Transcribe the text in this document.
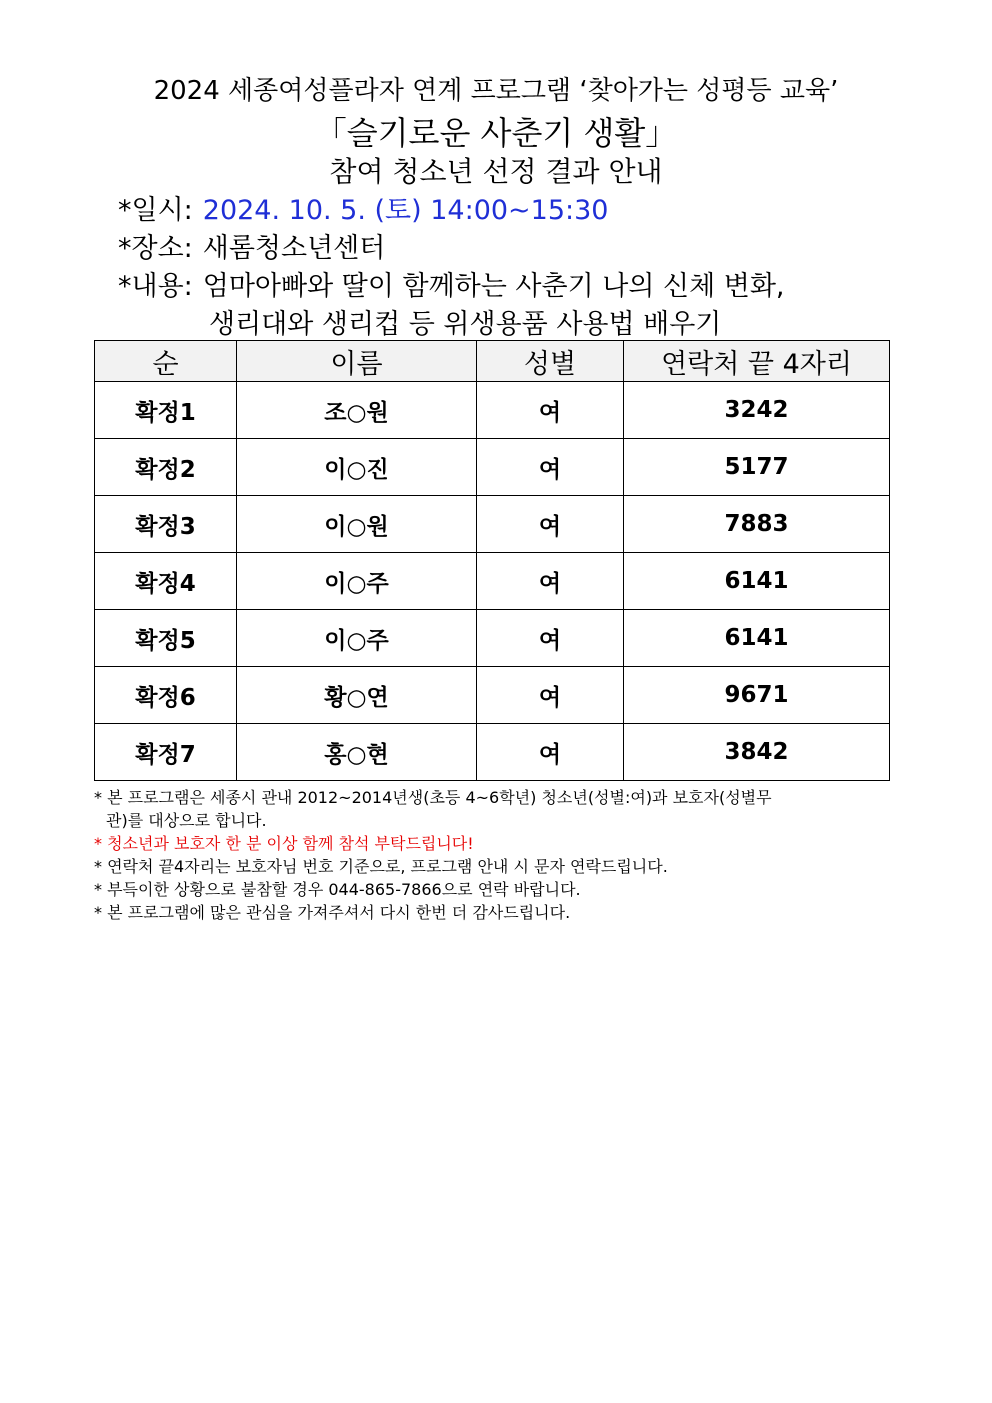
2024 세종여성플라자 연계 프로그램 ‘찾아가는 성평등 교육’
「슬기로운 사춘기 생활」
참여 청소년 선정 결과 안내
*일시: 2024. 10. 5. (토) 14:00~15:30
*장소: 새롬청소년센터
*내용: 엄마아빠와 딸이 함께하는 사춘기 나의 신체 변화,
생리대와 생리컵 등 위생용품 사용법 배우기
순	이름	성별	연락처 끝 4자리
확정1	조○원	여	3242
확정2	이○진	여	5177
확정3	이○원	여	7883
확정4	이○주	여	6141
확정5	이○주	여	6141
확정6	황○연	여	9671
확정7	홍○현	여	3842
* 본 프로그램은 세종시 관내 2012~2014년생(초등 4~6학년) 청소년(성별:여)과 보호자(성별무
관)를 대상으로 합니다.
* 청소년과 보호자 한 분 이상 함께 참석 부탁드립니다!
* 연락처 끝4자리는 보호자님 번호 기준으로, 프로그램 안내 시 문자 연락드립니다.
* 부득이한 상황으로 불참할 경우 044-865-7866으로 연락 바랍니다.
* 본 프로그램에 많은 관심을 가져주셔서 다시 한번 더 감사드립니다.
